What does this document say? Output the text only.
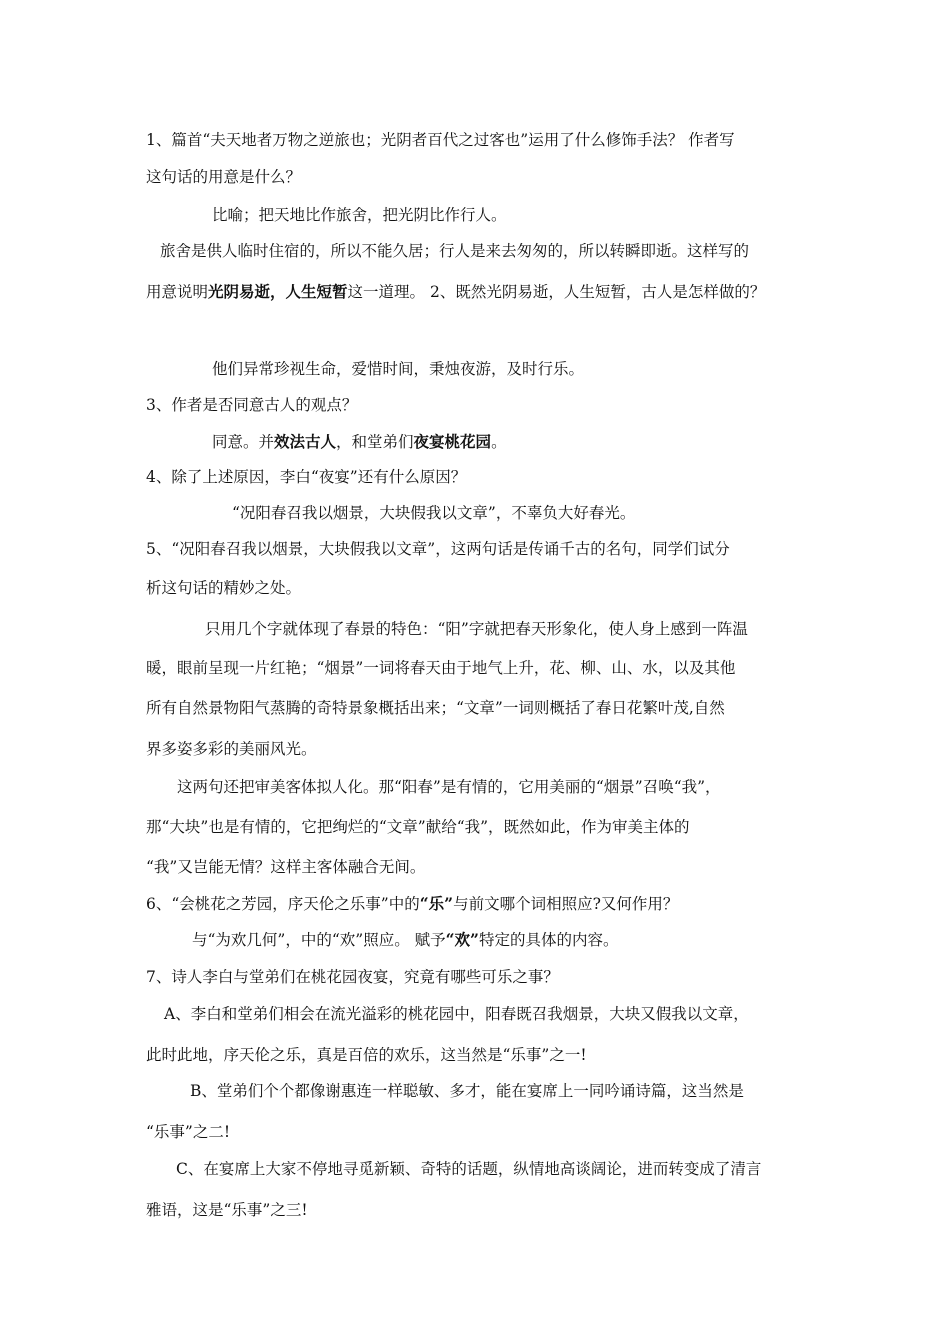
1、篇首“夫天地者万物之逆旅也；光阴者百代之过客也”运用了什么修饰手法？ 作者写
这句话的用意是什么？
比喻；把天地比作旅舍，把光阴比作行人。
旅舍是供人临时住宿的，所以不能久居；行人是来去匆匆的，所以转瞬即逝。这样写的
用意说明光阴易逝，人生短暂这一道理。 2、既然光阴易逝，人生短暂，古人是怎样做的？
他们异常珍视生命，爱惜时间，秉烛夜游，及时行乐。
3、作者是否同意古人的观点？
同意。并效法古人，和堂弟们夜宴桃花园。
4、除了上述原因，李白“夜宴”还有什么原因？
“况阳春召我以烟景，大块假我以文章”，不辜负大好春光。
5、“况阳春召我以烟景，大块假我以文章”，这两句话是传诵千古的名句，同学们试分
析这句话的精妙之处。
只用几个字就体现了春景的特色：“阳”字就把春天形象化，使人身上感到一阵温
暖，眼前呈现一片红艳；“烟景”一词将春天由于地气上升，花、柳、山、水，以及其他
所有自然景物阳气蒸腾的奇特景象概括出来；“文章”一词则概括了春日花繁叶茂,自然
界多姿多彩的美丽风光。
这两句还把审美客体拟人化。那“阳春”是有情的，它用美丽的“烟景”召唤“我”，
那“大块”也是有情的，它把绚烂的“文章”献给“我”，既然如此，作为审美主体的
“我”又岂能无情？这样主客体融合无间。
6、“会桃花之芳园，序天伦之乐事”中的“乐”与前文哪个词相照应?又何作用？
与“为欢几何”，中的“欢”照应。 赋予“欢”特定的具体的内容。
7、诗人李白与堂弟们在桃花园夜宴，究竟有哪些可乐之事？
A、李白和堂弟们相会在流光溢彩的桃花园中，阳春既召我烟景，大块又假我以文章，
此时此地，序天伦之乐，真是百倍的欢乐，这当然是“乐事”之一!
B、堂弟们个个都像谢惠连一样聪敏、多才，能在宴席上一同吟诵诗篇，这当然是
“乐事”之二!
C、在宴席上大家不停地寻觅新颖、奇特的话题，纵情地高谈阔论，进而转变成了清言
雅语，这是“乐事”之三!
